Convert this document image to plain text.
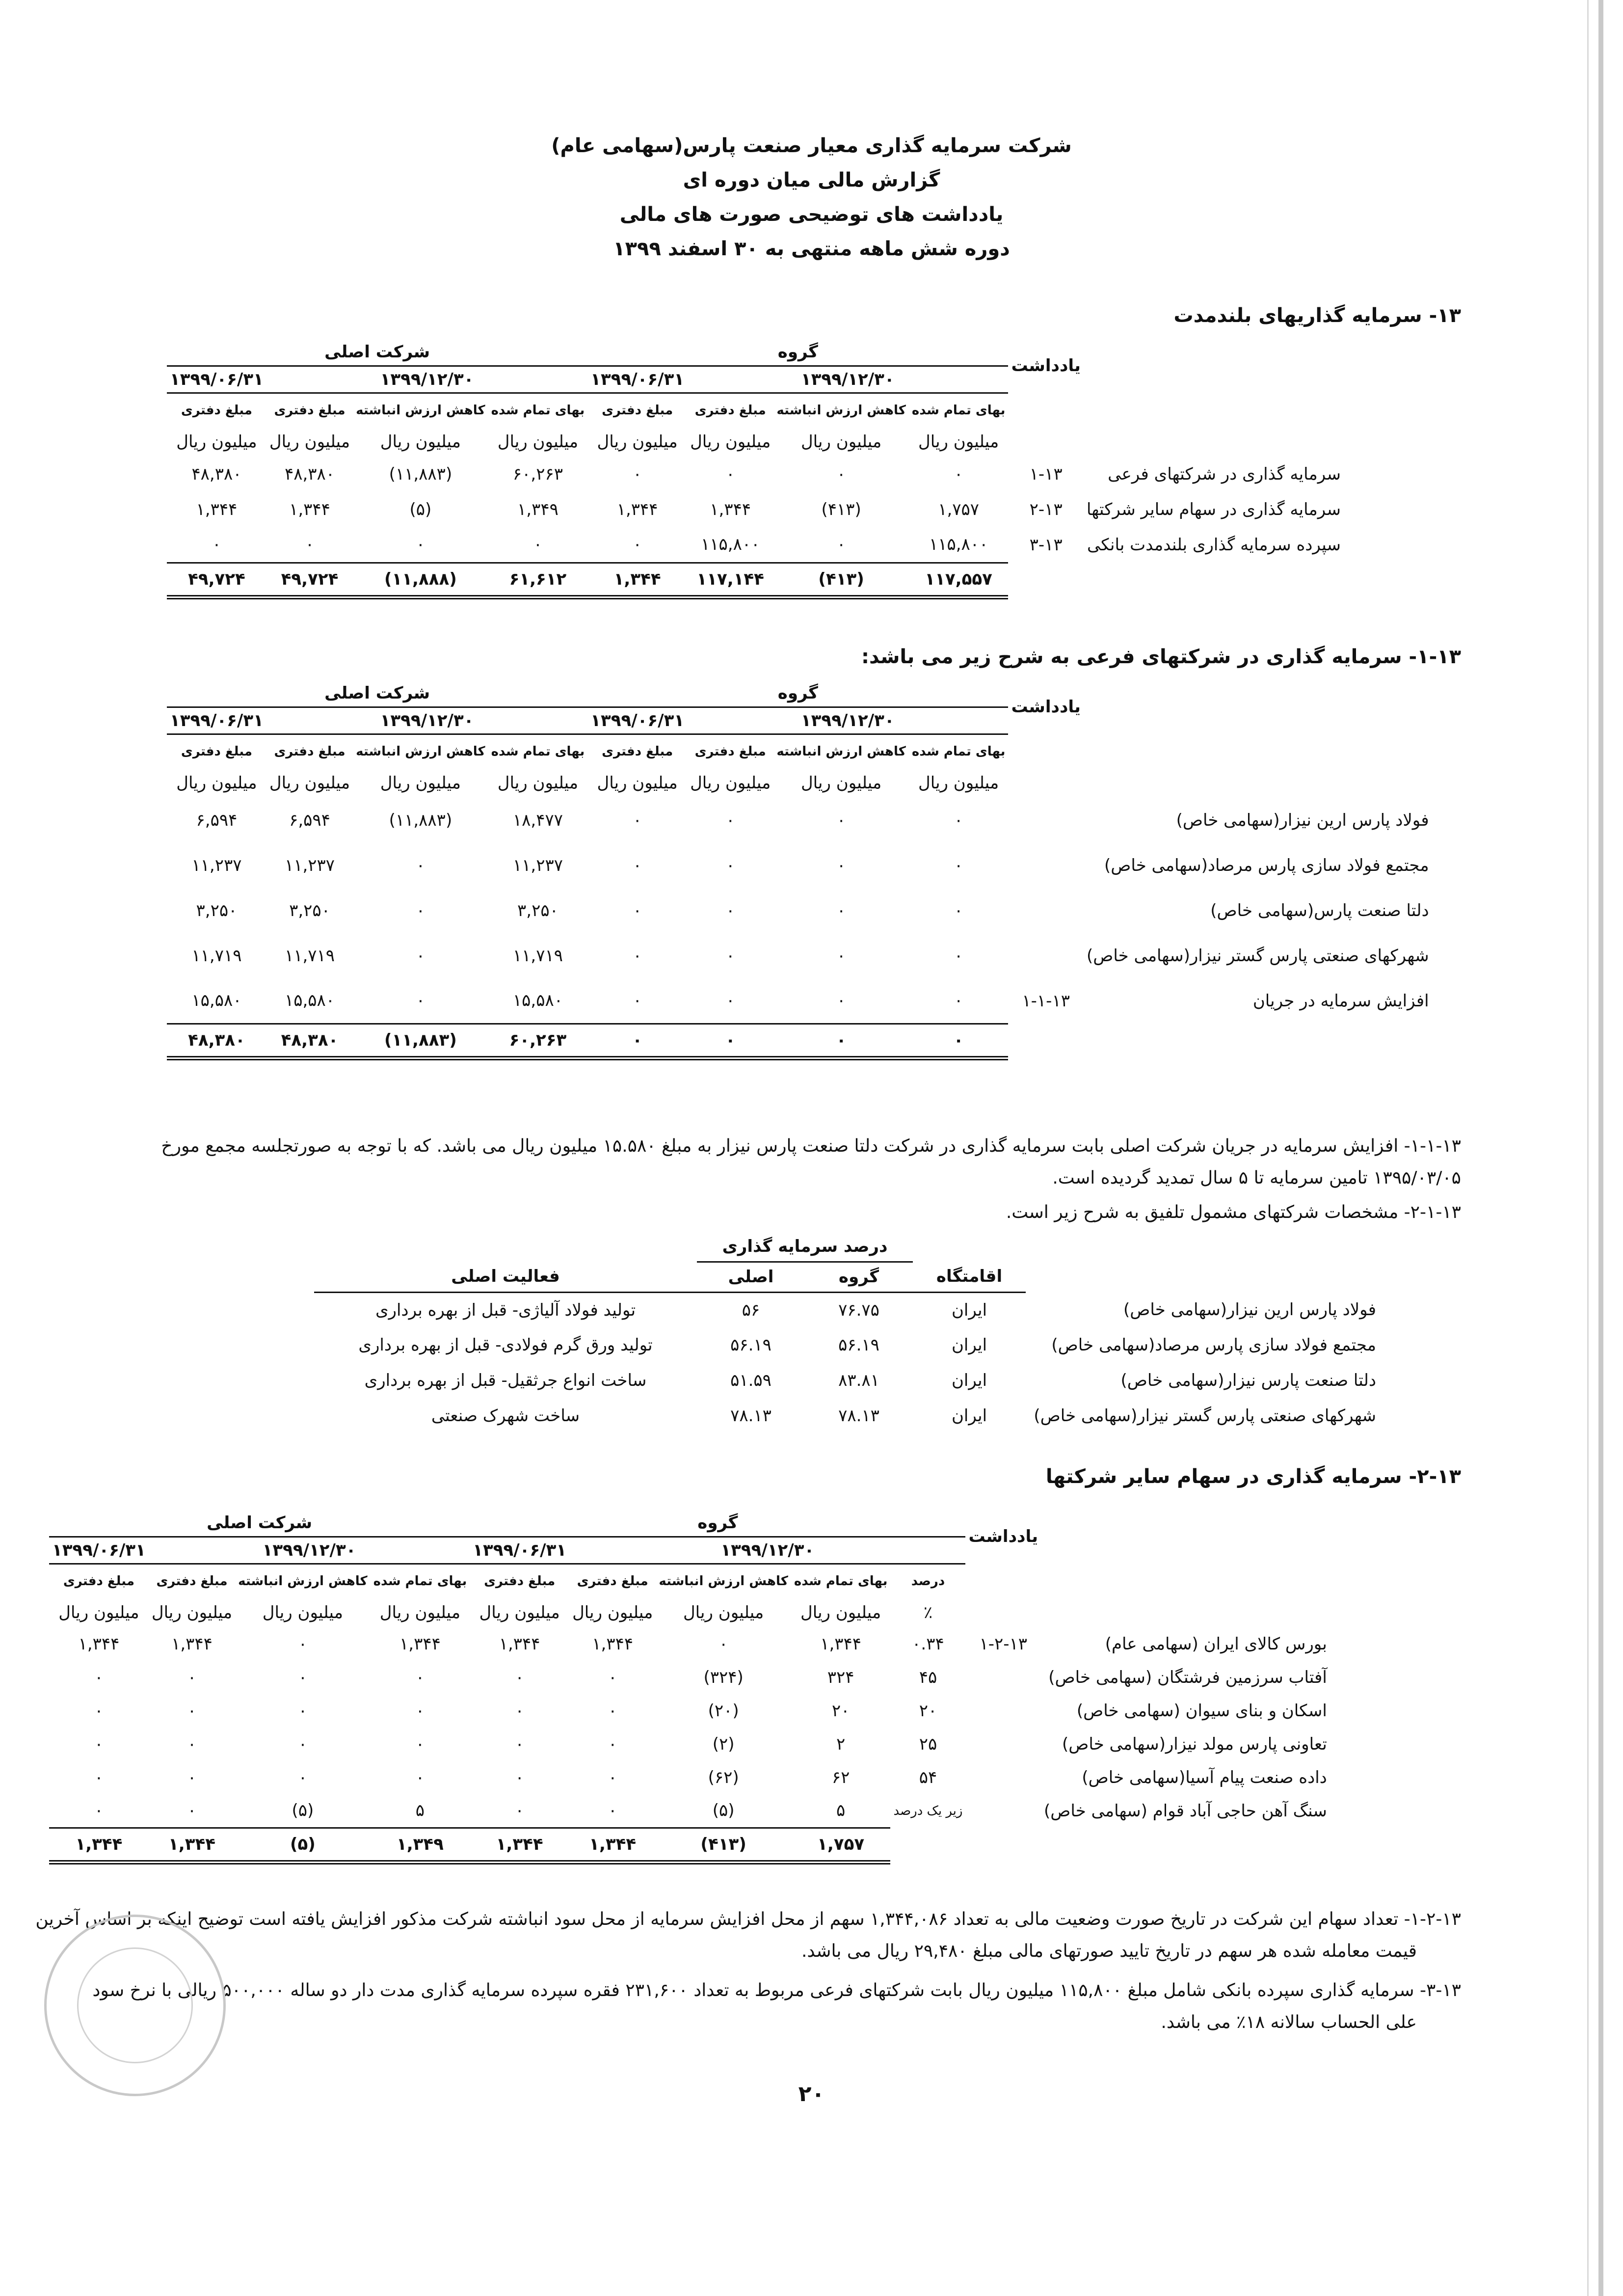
شرکت سرمایه گذاری معیار صنعت پارس(سهامی عام)
گزارش مالی میان دوره ای
یادداشت های توضیحی صورت های مالی
دوره شش ماهه منتهی به ۳۰ اسفند ۱۳۹۹
۱۳- سرمایه گذاریهای بلندمدت
	یادداشت	گروه				شرکت اصلی			
		۱۳۹۹/۱۲/۳۰			۱۳۹۹/۰۶/۳۱	۱۳۹۹/۱۲/۳۰			۱۳۹۹/۰۶/۳۱
		بهای تمام شده	کاهش ارزش انباشته	مبلغ دفتری	مبلغ دفتری	بهای تمام شده	کاهش ارزش انباشته	مبلغ دفتری	مبلغ دفتری
		میلیون ریال	میلیون ریال	میلیون ریال	میلیون ریال	میلیون ریال	میلیون ریال	میلیون ریال	میلیون ریال
سرمایه گذاری در شرکتهای فرعی	۱-۱۳	۰	۰	۰	۰	۶۰,۲۶۳	(۱۱,۸۸۳)	۴۸,۳۸۰	۴۸,۳۸۰
سرمایه گذاری در سهام سایر شرکتها	۲-۱۳	۱,۷۵۷	(۴۱۳)	۱,۳۴۴	۱,۳۴۴	۱,۳۴۹	(۵)	۱,۳۴۴	۱,۳۴۴
سپرده سرمایه گذاری بلندمدت بانکی	۳-۱۳	۱۱۵,۸۰۰	۰	۱۱۵,۸۰۰	۰	۰	۰	۰	۰
		۱۱۷,۵۵۷	(۴۱۳)	۱۱۷,۱۴۴	۱,۳۴۴	۶۱,۶۱۲	(۱۱,۸۸۸)	۴۹,۷۲۴	۴۹,۷۲۴
۱-۱۳- سرمایه گذاری در شرکتهای فرعی به شرح زیر می باشد:
	یادداشت	گروه				شرکت اصلی			
		۱۳۹۹/۱۲/۳۰			۱۳۹۹/۰۶/۳۱	۱۳۹۹/۱۲/۳۰			۱۳۹۹/۰۶/۳۱
		بهای تمام شده	کاهش ارزش انباشته	مبلغ دفتری	مبلغ دفتری	بهای تمام شده	کاهش ارزش انباشته	مبلغ دفتری	مبلغ دفتری
		میلیون ریال	میلیون ریال	میلیون ریال	میلیون ریال	میلیون ریال	میلیون ریال	میلیون ریال	میلیون ریال
فولاد پارس ارین نیزار(سهامی خاص)		۰	۰	۰	۰	۱۸,۴۷۷	(۱۱,۸۸۳)	۶,۵۹۴	۶,۵۹۴
مجتمع فولاد سازی پارس مرصاد(سهامی خاص)		۰	۰	۰	۰	۱۱,۲۳۷	۰	۱۱,۲۳۷	۱۱,۲۳۷
دلتا صنعت پارس(سهامی خاص)		۰	۰	۰	۰	۳,۲۵۰	۰	۳,۲۵۰	۳,۲۵۰
شهرکهای صنعتی پارس گستر نیزار(سهامی خاص)		۰	۰	۰	۰	۱۱,۷۱۹	۰	۱۱,۷۱۹	۱۱,۷۱۹
افزایش سرمایه در جریان	۱-۱-۱۳	۰	۰	۰	۰	۱۵,۵۸۰	۰	۱۵,۵۸۰	۱۵,۵۸۰
		۰	۰	۰	۰	۶۰,۲۶۳	(۱۱,۸۸۳)	۴۸,۳۸۰	۴۸,۳۸۰
۱-۱-۱۳- افزایش سرمایه در جریان شرکت اصلی بابت سرمایه گذاری در شرکت دلتا صنعت پارس نیزار به مبلغ ۱۵.۵۸۰ میلیون ریال می باشد. که با توجه به صورتجلسه مجمع مورخ
۱۳۹۵/۰۳/۰۵ تامین سرمایه تا ۵ سال تمدید گردیده است.
۲-۱-۱۳- مشخصات شرکتهای مشمول تلفیق به شرح زیر است.
		درصد سرمایه گذاری			
	اقامتگاه	گروه	اصلی	فعالیت اصلی	
فولاد پارس ارین نیزار(سهامی خاص)	ایران	۷۶.۷۵	۵۶	تولید فولاد آلیاژی- قبل از بهره برداری	
مجتمع فولاد سازی پارس مرصاد(سهامی خاص)	ایران	۵۶.۱۹	۵۶.۱۹	تولید ورق گرم فولادی- قبل از بهره برداری	
دلتا صنعت پارس نیزار(سهامی خاص)	ایران	۸۳.۸۱	۵۱.۵۹	ساخت انواع جرثقیل- قبل از بهره برداری	
شهرکهای صنعتی پارس گستر نیزار(سهامی خاص)	ایران	۷۸.۱۳	۷۸.۱۳	ساخت شهرک صنعتی	
۲-۱۳- سرمایه گذاری در سهام سایر شرکتها
	یادداشت	گروه					شرکت اصلی			
		۱۳۹۹/۱۲/۳۰				۱۳۹۹/۰۶/۳۱	۱۳۹۹/۱۲/۳۰			۱۳۹۹/۰۶/۳۱
		درصد	بهای تمام شده	کاهش ارزش انباشته	مبلغ دفتری	مبلغ دفتری	بهای تمام شده	کاهش ارزش انباشته	مبلغ دفتری	مبلغ دفتری
		٪	میلیون ریال	میلیون ریال	میلیون ریال	میلیون ریال	میلیون ریال	میلیون ریال	میلیون ریال	میلیون ریال
بورس کالای ایران (سهامی عام)	۱-۲-۱۳	۰.۳۴	۱,۳۴۴	۰	۱,۳۴۴	۱,۳۴۴	۱,۳۴۴	۰	۱,۳۴۴	۱,۳۴۴
آفتاب سرزمین فرشتگان (سهامی خاص)		۴۵	۳۲۴	(۳۲۴)	۰	۰	۰	۰	۰	۰
اسکان و بنای سیوان (سهامی خاص)		۲۰	۲۰	(۲۰)	۰	۰	۰	۰	۰	۰
تعاونی پارس مولد نیزار(سهامی خاص)		۲۵	۲	(۲)	۰	۰	۰	۰	۰	۰
داده صنعت پیام آسیا(سهامی خاص)		۵۴	۶۲	(۶۲)	۰	۰	۰	۰	۰	۰
سنگ آهن حاجی آباد قوام (سهامی خاص)		زیر یک درصد	۵	(۵)	۰	۰	۵	(۵)	۰	۰
			۱,۷۵۷	(۴۱۳)	۱,۳۴۴	۱,۳۴۴	۱,۳۴۹	(۵)	۱,۳۴۴	۱,۳۴۴
۱-۲-۱۳- تعداد سهام این شرکت در تاریخ صورت وضعیت مالی به تعداد ۱,۳۴۴,۰۸۶ سهم از محل افزایش سرمایه از محل سود انباشته شرکت مذکور افزایش یافته است توضیح اینکه بر اساس آخرین
قیمت معامله شده هر سهم در تاریخ تایید صورتهای مالی مبلغ ۲۹,۴۸۰ ریال می باشد.
۳-۱۳- سرمایه گذاری سپرده بانکی شامل مبلغ ۱۱۵,۸۰۰ میلیون ریال بابت شرکتهای فرعی مربوط به تعداد ۲۳۱,۶۰۰ فقره سپرده سرمایه گذاری مدت دار دو ساله ۵۰۰,۰۰۰ ریالی با نرخ سود
علی الحساب سالانه ۱۸٪ می باشد.
۲۰
